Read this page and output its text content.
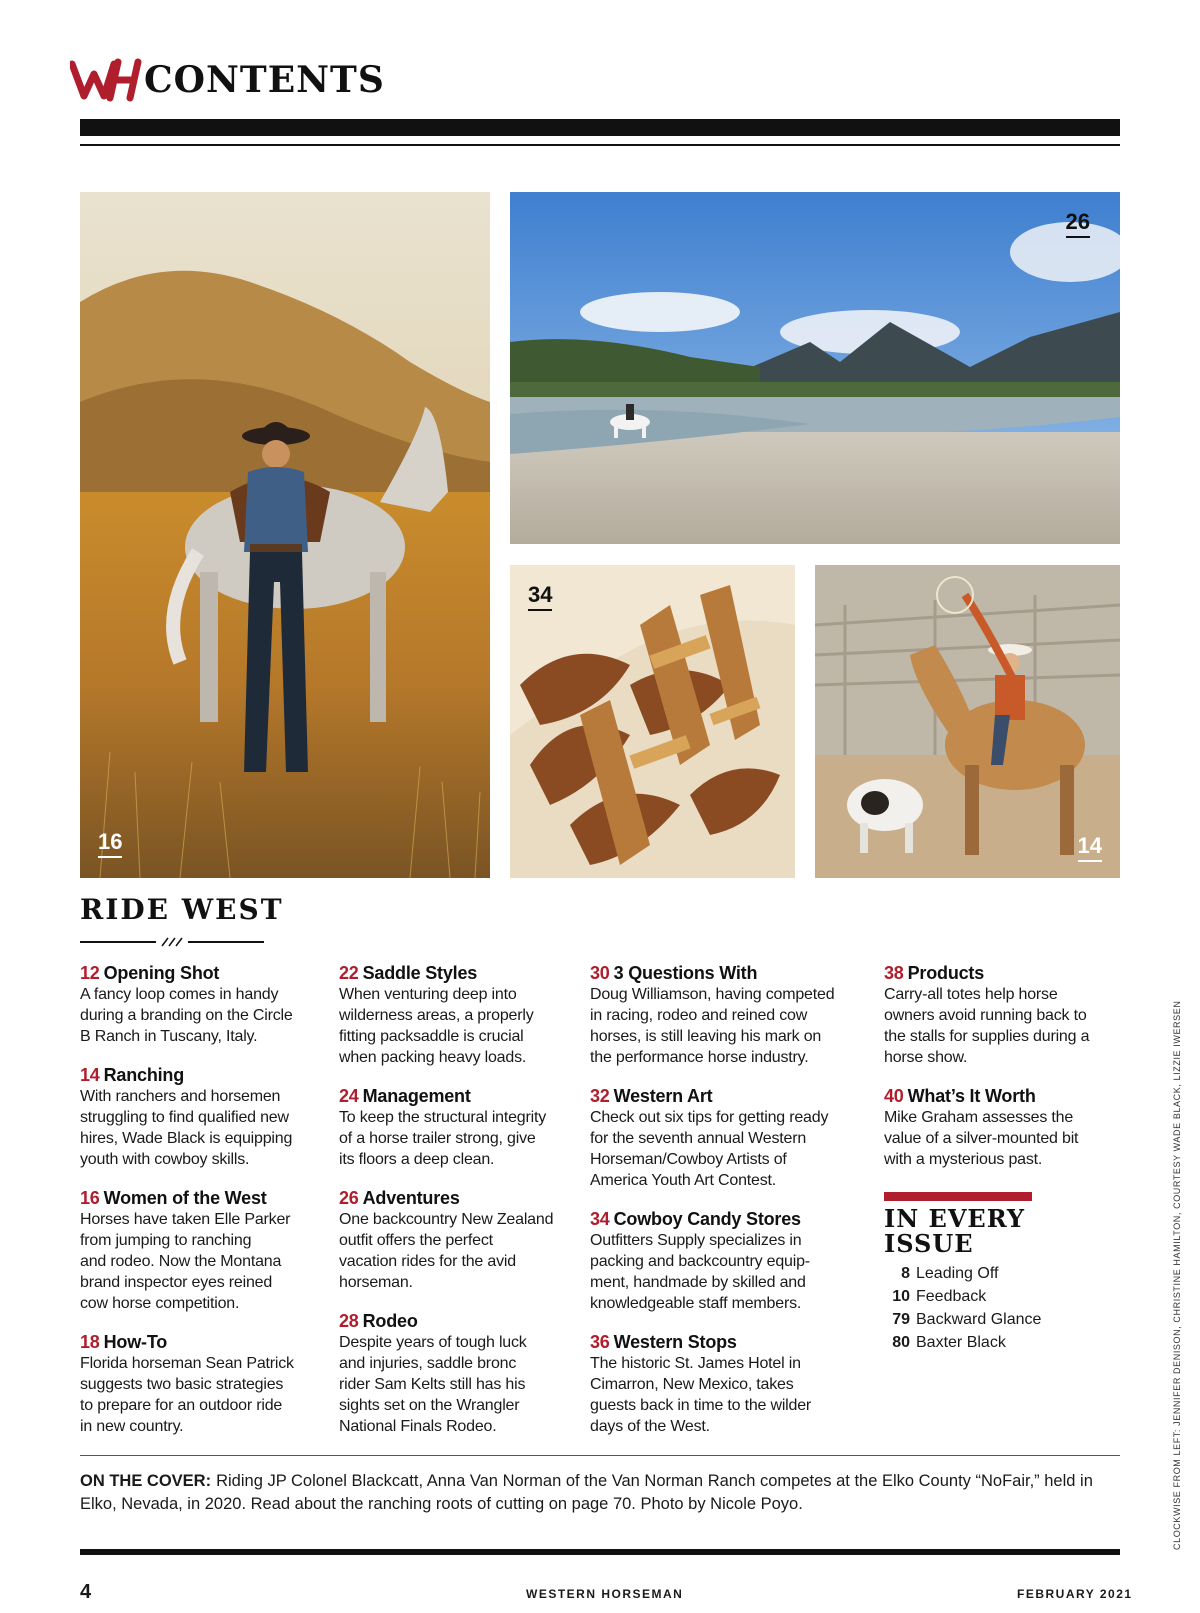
CONTENTS
16
26
34
14
RIDE WEST
12 Opening Shot
A fancy loop comes in handy
during a branding on the Circle
B Ranch in Tuscany, Italy.
14 Ranching
With ranchers and horsemen
struggling to find qualified new
hires, Wade Black is equipping
youth with cowboy skills.
16 Women of the West
Horses have taken Elle Parker
from jumping to ranching
and rodeo. Now the Montana
brand inspector eyes reined
cow horse competition.
18 How-To
Florida horseman Sean Patrick
suggests two basic strategies
to prepare for an outdoor ride
in new country.
22 Saddle Styles
When venturing deep into
wilderness areas, a properly
fitting packsaddle is crucial
when packing heavy loads.
24 Management
To keep the structural integrity
of a horse trailer strong, give
its floors a deep clean.
26 Adventures
One backcountry New Zealand
outfit offers the perfect
vacation rides for the avid
horseman.
28 Rodeo
Despite years of tough luck
and injuries, saddle bronc
rider Sam Kelts still has his
sights set on the Wrangler
National Finals Rodeo.
30 3 Questions With
Doug Williamson, having competed
in racing, rodeo and reined cow
horses, is still leaving his mark on
the performance horse industry.
32 Western Art
Check out six tips for getting ready
for the seventh annual Western
Horseman/Cowboy Artists of
America Youth Art Contest.
34 Cowboy Candy Stores
Outfitters Supply specializes in
packing and backcountry equip-
ment, handmade by skilled and
knowledgeable staff members.
36 Western Stops
The historic St. James Hotel in
Cimarron, New Mexico, takes
guests back in time to the wilder
days of the West.
38 Products
Carry-all totes help horse
owners avoid running back to
the stalls for supplies during a
horse show.
40 What’s It Worth
Mike Graham assesses the
value of a silver-mounted bit
with a mysterious past.
IN EVERY ISSUE
8 Leading Off
10 Feedback
79 Backward Glance
80 Baxter Black
ON THE COVER: Riding JP Colonel Blackcatt, Anna Van Norman of the Van Norman Ranch competes at the Elko County “NoFair,” held in Elko, Nevada, in 2020. Read about the ranching roots of cutting on page 70. Photo by Nicole Poyo.
4	WESTERN HORSEMAN	FEBRUARY 2021
CLOCKWISE FROM LEFT: JENNIFER DENISON, CHRISTINE HAMILTON, COURTESY WADE BLACK, LIZZIE IWERSEN
